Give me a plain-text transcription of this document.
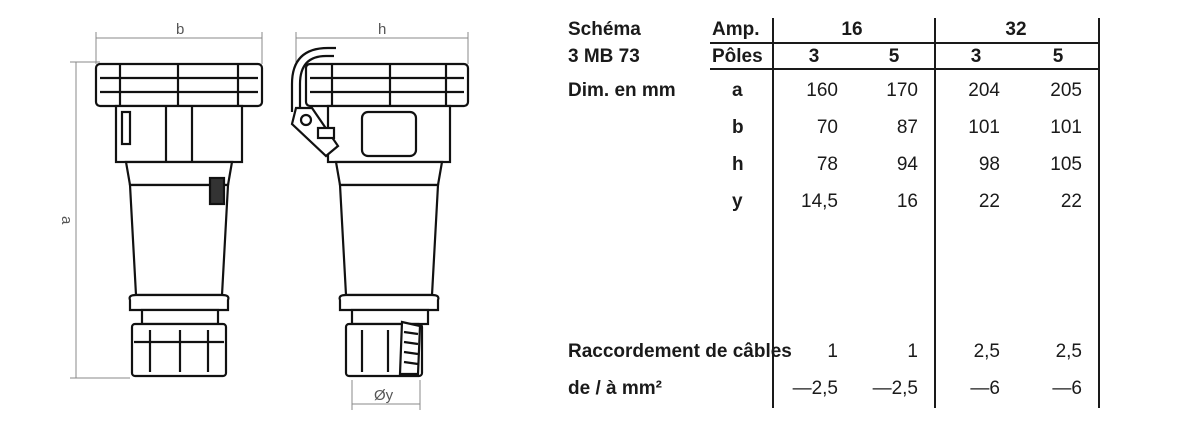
b	h
a
Øy
Schéma
3 MB 73
Amp.
Pôles
16	32
3	5	3	5
Dim. en mm	a	160	170	204	205
b	70	87	101	101
h	78	94	98	105
y	14,5	16	22	22
Raccordement de câbles	1	1	2,5	2,5
de / à mm²	—2,5	—2,5	—6	—6
